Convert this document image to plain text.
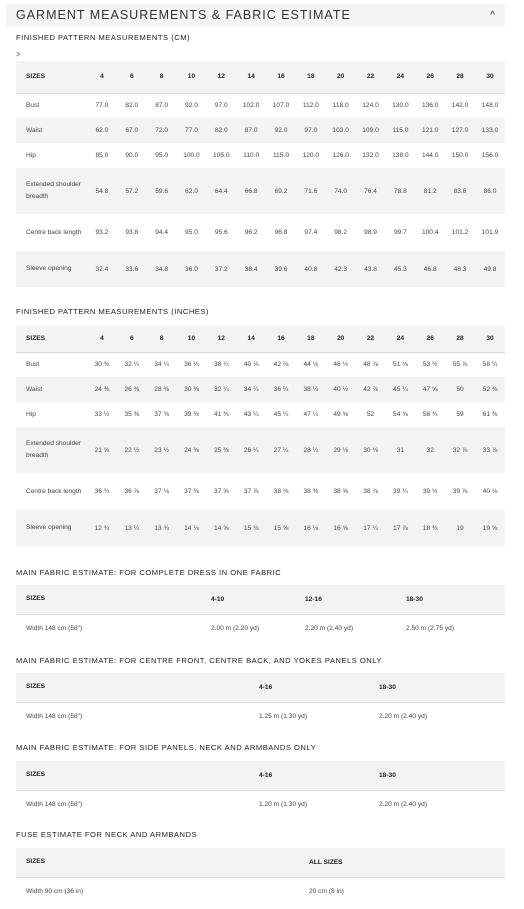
GARMENT MEASUREMENTS & FABRIC ESTIMATE	^
FINISHED PATTERN MEASUREMENTS (CM)
>
SIZES	4	6	8	10	12	14	16	18	20	22	24	26	28	30
Bust	77.0	82.0	87.0	92.0	97.0	102.0	107.0	112.0	118.0	124.0	130.0	136.0	142.0	148.0
Waist	62.0	67.0	72.0	77.0	82.0	87.0	92.0	97.0	103.0	109.0	115.0	121.0	127.0	133.0
Hip	85.0	90.0	95.0	100.0	105.0	110.0	115.0	120.0	126.0	132.0	138.0	144.0	150.0	156.0
Extended shoulder breadth	54.8	57.2	59.6	62.0	64.4	66.8	69.2	71.6	74.0	76.4	78.8	81.2	83.6	86.0
Centre back length	93.2	93.8	94.4	95.0	95.6	96.2	96.8	97.4	98.2	98.9	99.7	100.4	101.2	101.9
Sleeve opening	32.4	33.6	34.8	36.0	37.2	38.4	39.6	40.8	42.3	43.8	45.3	46.8	48.3	49.8
FINISHED PATTERN MEASUREMENTS (INCHES)
SIZES	4	6	8	10	12	14	16	18	20	22	24	26	28	30
Bust	30 ⅜	32 ¼	34 ¼	36 ¼	38 ¼	40 ⅛	42 ⅛	44 ⅛	46 ½	48 ⅞	51 ⅛	53 ½	55 ⅞	58 ¼
Waist	24 ⅜	26 ⅜	28 ⅜	30 ⅜	32 ¼	34 ¼	36 ¼	38 ¼	40 ½	42 ⅞	45 ¼	47 ⅝	50	52 ⅜
Hip	33 ½	35 ⅜	37 ⅜	39 ⅜	41 ⅜	43 ¼	45 ¼	47 ¼	49 ⅝	52	54 ⅜	56 ¾	59	61 ⅜
Extended shoulder breadth	21 ⅝	22 ½	23 ½	24 ⅜	25 ⅜	26 ¼	27 ¼	28 ¼	29 ⅛	30 ⅛	31	32	32 ⅞	33 ⅞
Centre back length	36 ¾	36 ⅞	37 ⅛	37 ⅜	37 ⅝	37 ⅞	38 ⅛	38 ⅜	38 ⅝	38 ⅞	39 ¼	39 ½	39 ⅞	40 ⅛
Sleeve opening	12 ¾	13 ¼	13 ¾	14 ⅛	14 ⅝	15 ⅛	15 ⅝	16 ⅛	16 ⅝	17 ¼	17 ⅞	18 ⅜	19	19 ⅝
MAIN FABRIC ESTIMATE: FOR COMPLETE DRESS IN ONE FABRIC
SIZES	4-10	12-16	18-30
Width 148 cm (58")	2.00 m (2.20 yd)	2.20 m (2.40 yd)	2.50 m (2.75 yd)
MAIN FABRIC ESTIMATE: FOR CENTRE FRONT, CENTRE BACK, AND YOKES PANELS ONLY
SIZES	4-16	18-30
Width 148 cm (58")	1.25 m (1.30 yd)	2.20 m (2.40 yd)
MAIN FABRIC ESTIMATE: FOR SIDE PANELS, NECK AND ARMBANDS ONLY
SIZES	4-16	18-30
Width 148 cm (58")	1.20 m (1.30 yd)	2.20 m (2.40 yd)
FUSE ESTIMATE FOR NECK AND ARMBANDS
SIZES	ALL SIZES
Width 90 cm (36 in)	20 cm (8 in)
